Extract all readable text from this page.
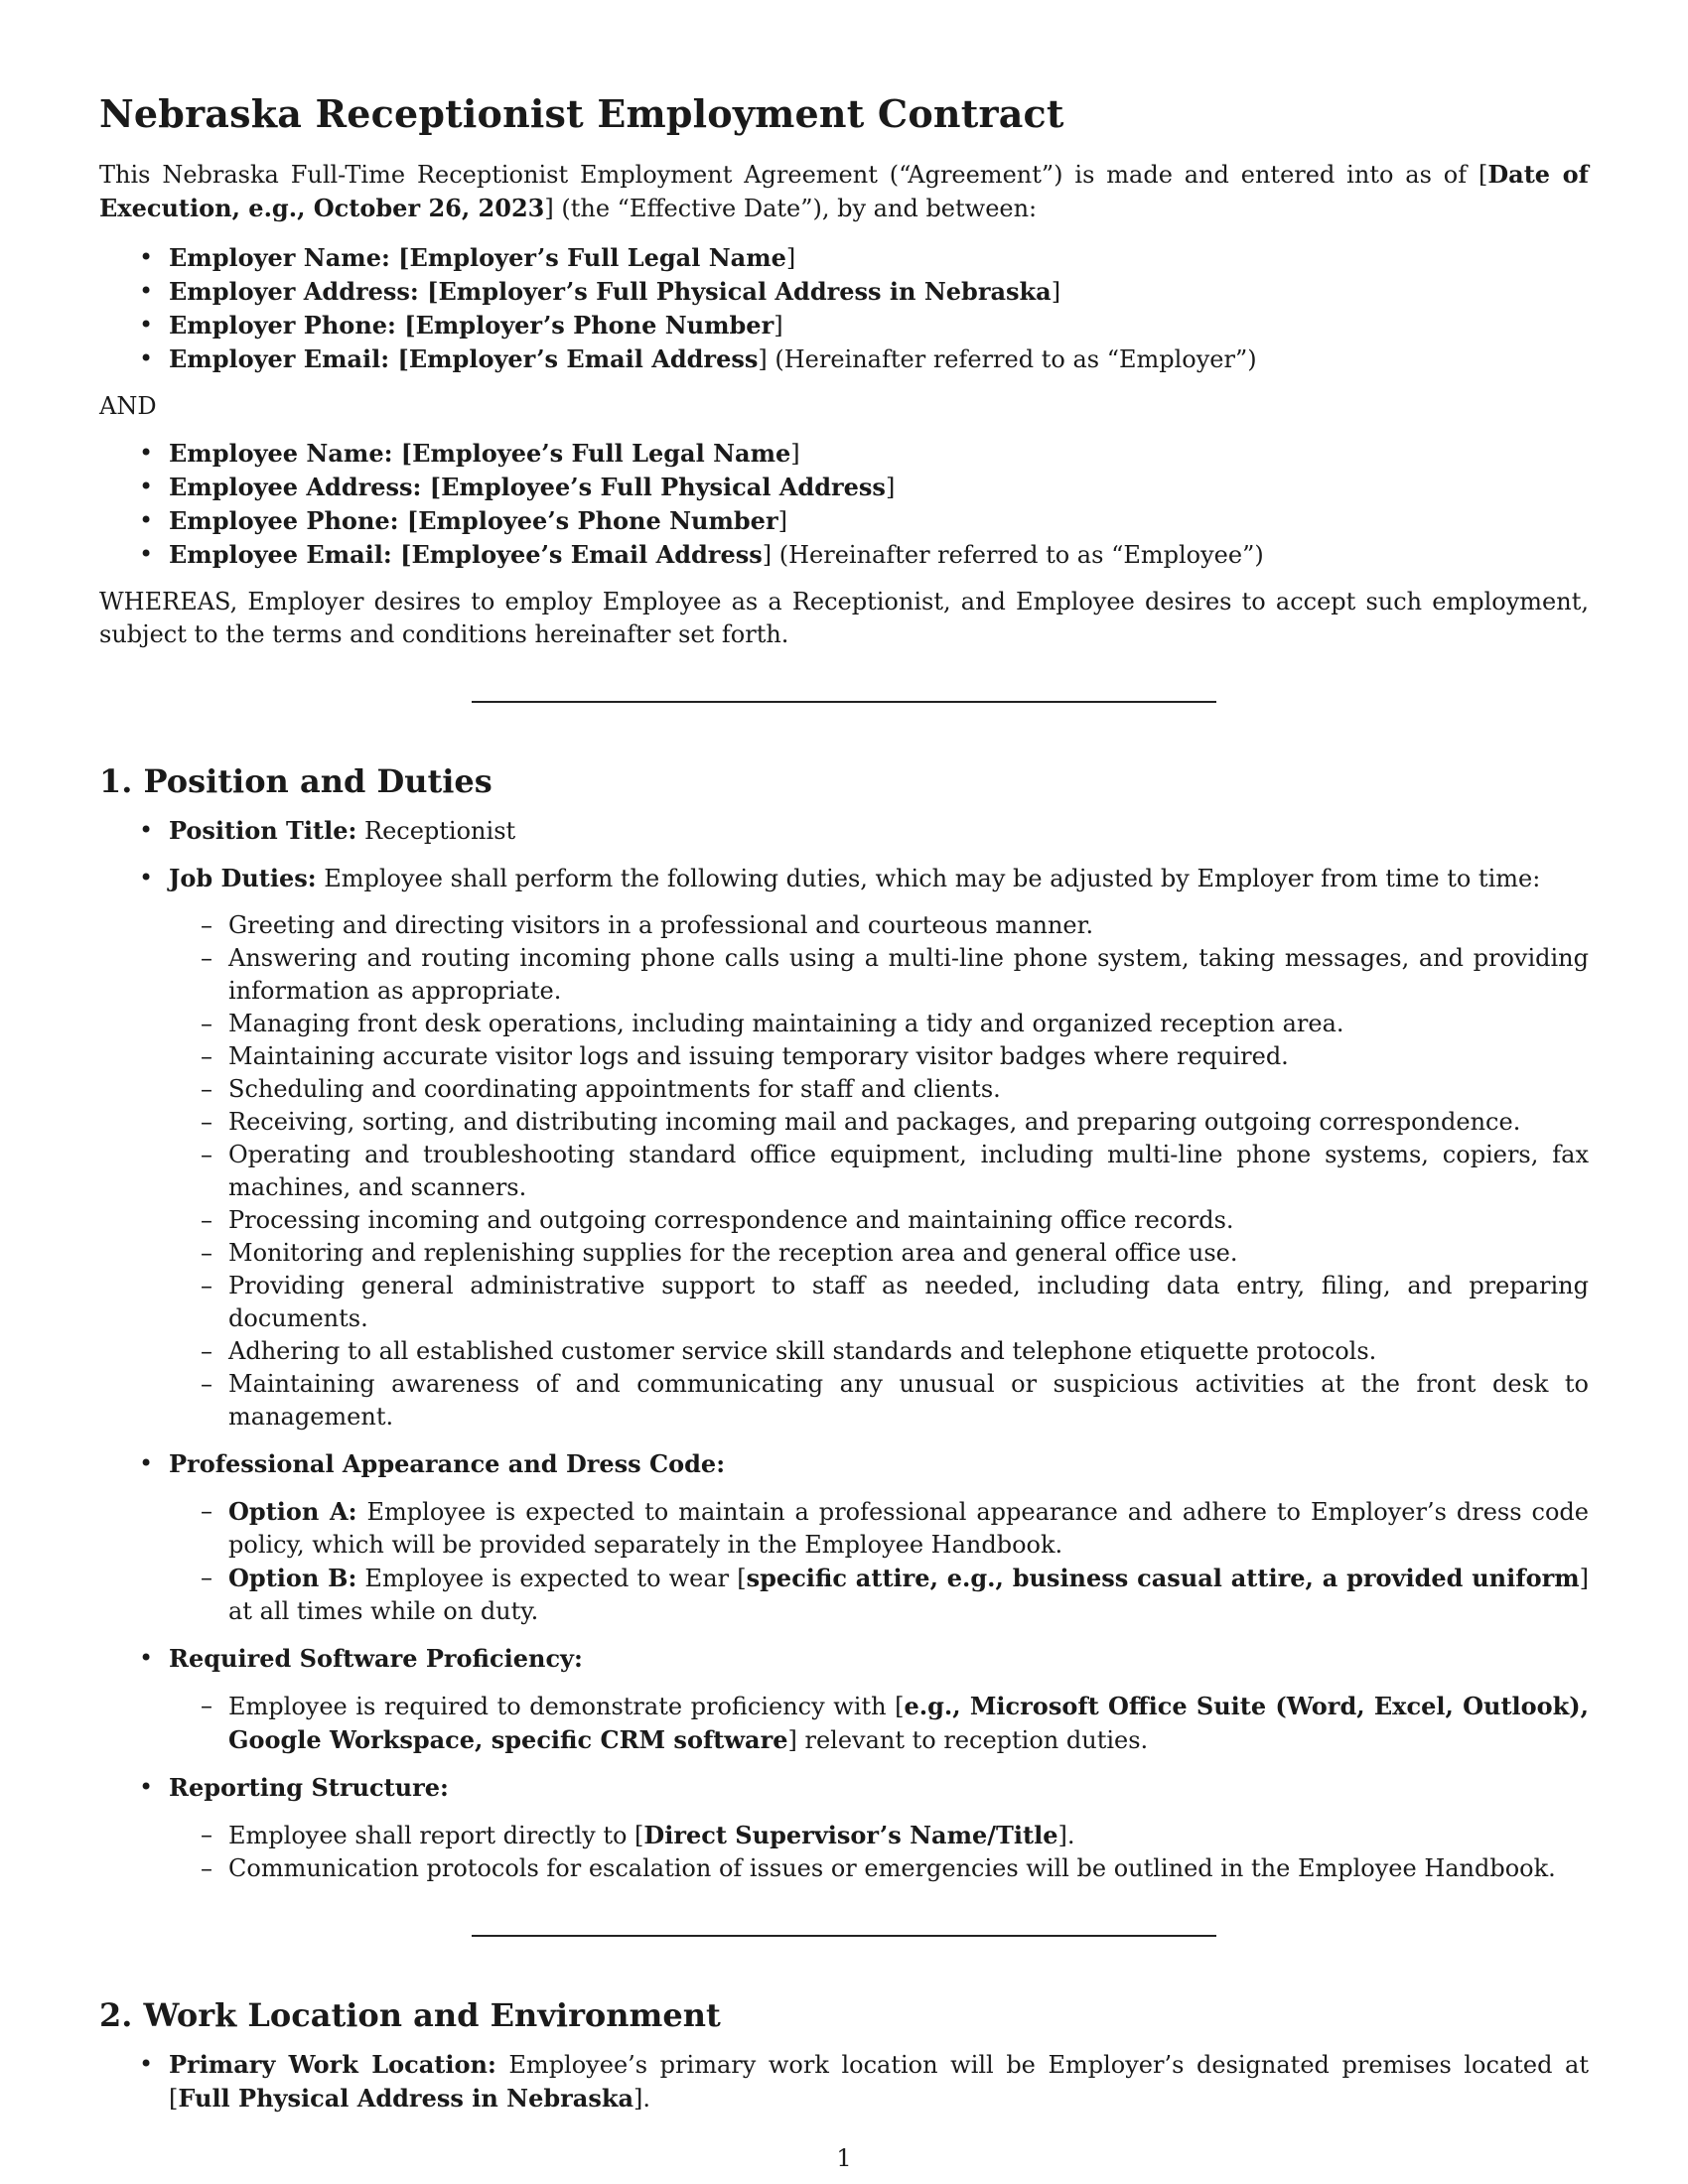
Nebraska Receptionist Employment Contract

This Nebraska Full-Time Receptionist Employment Agreement (“Agreement”) is made and entered into as of [Date of Execution, e.g., October 26, 2023] (the “Effective Date”), by and between:

• Employer Name: [Employer’s Full Legal Name]
• Employer Address: [Employer’s Full Physical Address in Nebraska]
• Employer Phone: [Employer’s Phone Number]
• Employer Email: [Employer’s Email Address] (Hereinafter referred to as “Employer”)
AND
• Employee Name: [Employee’s Full Legal Name]
• Employee Address: [Employee’s Full Physical Address]
• Employee Phone: [Employee’s Phone Number]
• Employee Email: [Employee’s Email Address] (Hereinafter referred to as “Employee”)

WHEREAS, Employer desires to employ Employee as a Receptionist, and Employee desires to accept such employment, subject to the terms and conditions hereinafter set forth.

1. Position and Duties
• Position Title: Receptionist
• Job Duties: Employee shall perform the following duties, which may be adjusted by Employer from time to time:
– Greeting and directing visitors in a professional and courteous manner.
– Answering and routing incoming phone calls using a multi-line phone system, taking messages, and providing information as appropriate.
– Managing front desk operations, including maintaining a tidy and organized reception area.
– Maintaining accurate visitor logs and issuing temporary visitor badges where required.
– Scheduling and coordinating appointments for staff and clients.
– Receiving, sorting, and distributing incoming mail and packages, and preparing outgoing correspondence.
– Operating and troubleshooting standard office equipment, including multi-line phone systems, copiers, fax machines, and scanners.
– Processing incoming and outgoing correspondence and maintaining office records.
– Monitoring and replenishing supplies for the reception area and general office use.
– Providing general administrative support to staff as needed, including data entry, filing, and preparing documents.
– Adhering to all established customer service skill standards and telephone etiquette protocols.
– Maintaining awareness of and communicating any unusual or suspicious activities at the front desk to management.
• Professional Appearance and Dress Code:
– Option A: Employee is expected to maintain a professional appearance and adhere to Employer’s dress code policy, which will be provided separately in the Employee Handbook.
– Option B: Employee is expected to wear [specific attire, e.g., business casual attire, a provided uniform] at all times while on duty.
• Required Software Proficiency:
– Employee is required to demonstrate proficiency with [e.g., Microsoft Office Suite (Word, Excel, Outlook), Google Workspace, specific CRM software] relevant to reception duties.
• Reporting Structure:
– Employee shall report directly to [Direct Supervisor’s Name/Title].
– Communication protocols for escalation of issues or emergencies will be outlined in the Employee Handbook.
2. Work Location and Environment
• Primary Work Location: Employee’s primary work location will be Employer’s designated premises located at [Full Physical Address in Nebraska].
1
